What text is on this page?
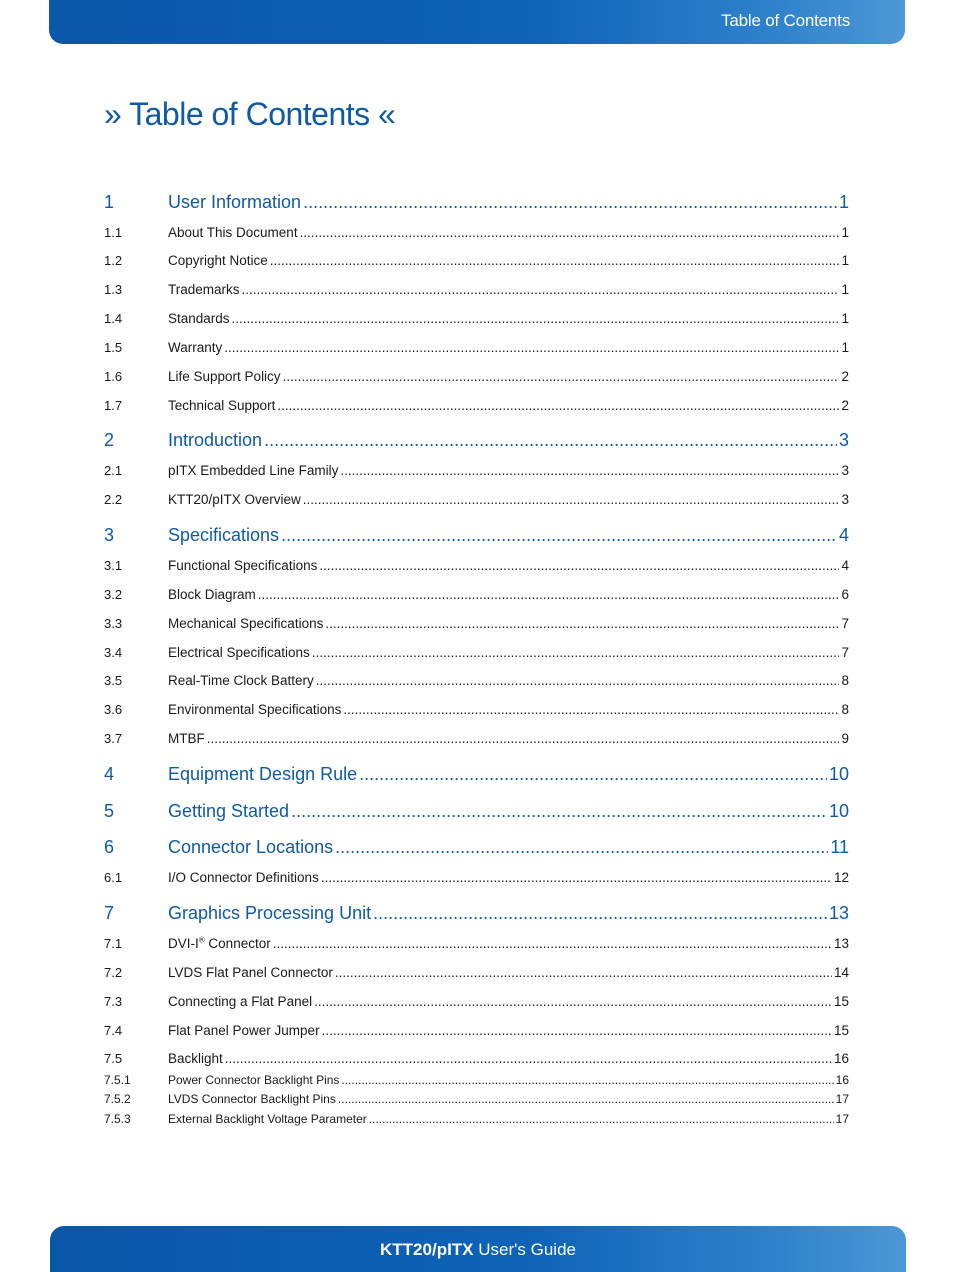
Table of Contents
» Table of Contents «
1	User Information .....	1
1.1	About This Document .....	1
1.2	Copyright Notice .....	1
1.3	Trademarks .....	1
1.4	Standards .....	1
1.5	Warranty .....	1
1.6	Life Support Policy .....	2
1.7	Technical Support .....	2
2	Introduction .....	3
2.1	pITX Embedded Line Family .....	3
2.2	KTT20/pITX Overview .....	3
3	Specifications .....	4
3.1	Functional Specifications .....	4
3.2	Block Diagram .....	6
3.3	Mechanical Specifications .....	7
3.4	Electrical Specifications .....	7
3.5	Real-Time Clock Battery .....	8
3.6	Environmental Specifications .....	8
3.7	MTBF .....	9
4	Equipment Design Rule .....	10
5	Getting Started .....	10
6	Connector Locations .....	11
6.1	I/O Connector Definitions .....	12
7	Graphics Processing Unit .....	13
7.1	DVI-I® Connector .....	13
7.2	LVDS Flat Panel Connector .....	14
7.3	Connecting a Flat Panel .....	15
7.4	Flat Panel Power Jumper .....	15
7.5	Backlight .....	16
7.5.1	Power Connector Backlight Pins .....	16
7.5.2	LVDS Connector Backlight Pins .....	17
7.5.3	External Backlight Voltage Parameter .....	17
KTT20/pITX User's Guide
